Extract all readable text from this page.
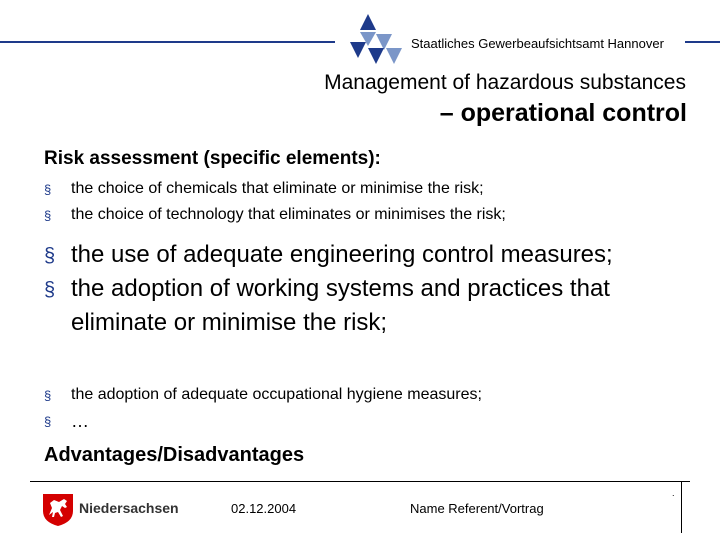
Staatliches Gewerbeaufsichtsamt Hannover
Management of hazardous substances
– operational control
Risk assessment (specific elements):
§ the choice of chemicals that eliminate or minimise the risk;
§ the choice of technology that eliminates or minimises the risk;
§ the use of adequate engineering control measures;
§ the adoption of working systems and practices that eliminate or minimise the risk;
§ the adoption of adequate occupational hygiene measures;
§ …
Advantages/Disadvantages
Niedersachsen	02.12.2004	Name Referent/Vortrag
.
